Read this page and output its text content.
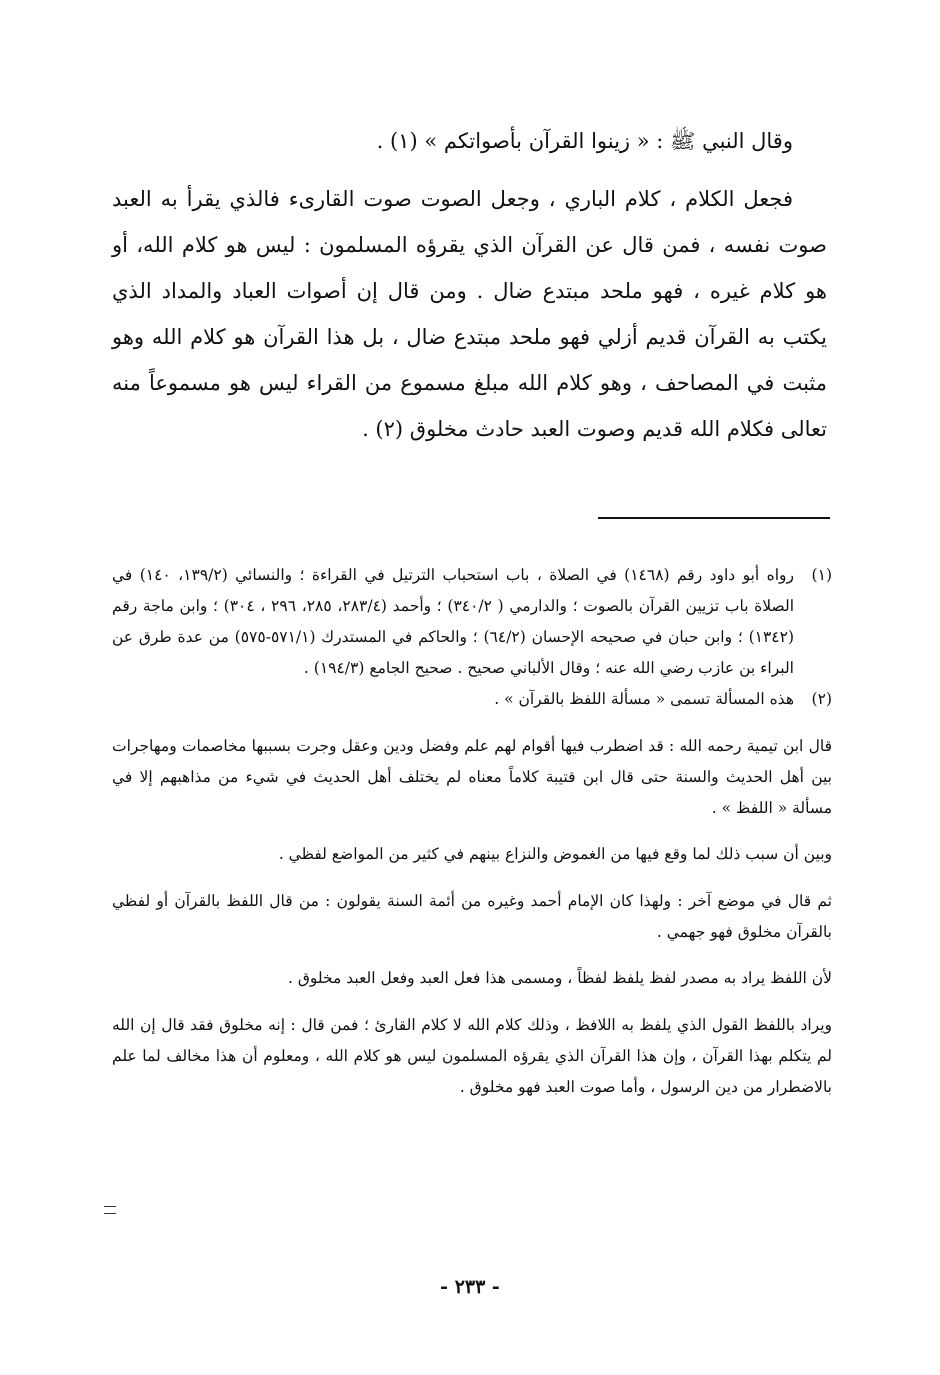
وقال النبي ﷺ : « زينوا القرآن بأصواتكم » (١) .

فجعل الكلام ، كلام الباري ، وجعل الصوت صوت القارىء فالذي يقرأ به العبد صوت نفسه ، فمن قال عن القرآن الذي يقرؤه المسلمون : ليس هو كلام الله، أو هو كلام غيره ، فهو ملحد مبتدع ضال . ومن قال إن أصوات العباد والمداد الذي يكتب به القرآن قديم أزلي فهو ملحد مبتدع ضال ، بل هذا القرآن هو كلام الله وهو مثبت في المصاحف ، وهو كلام الله مبلغ مسموع من القراء ليس هو مسموعاً منه تعالى فكلام الله قديم وصوت العبد حادث مخلوق (٢) .

(١)

رواه أبو داود رقم (١٤٦٨) في الصلاة ، باب استحباب الترتيل في القراءة ؛ والنسائي (١٣٩/٢، ١٤٠) في الصلاة باب تزيين القرآن بالصوت ؛ والدارمي ( ٣٤٠/٢) ؛ وأحمد (٢٨٣/٤، ٢٨٥، ٢٩٦ ، ٣٠٤) ؛ وابن ماجة رقم (١٣٤٢) ؛ وابن حبان في صحيحه الإحسان (٦٤/٢) ؛ والحاكم في المستدرك (٥٧١/١-٥٧٥) من عدة طرق عن البراء بن عازب رضي الله عنه ؛ وقال الألباني صحيح . صحيح الجامع (١٩٤/٣) .

(٢)

هذه المسألة تسمى « مسألة اللفظ بالقرآن » .

قال ابن تيمية رحمه الله : قد اضطرب فيها أقوام لهم علم وفضل ودين وعقل وجرت بسببها مخاصمات ومهاجرات بين أهل الحديث والسنة حتى قال ابن قتيبة كلاماً معناه لم يختلف أهل الحديث في شيء من مذاهبهم إلا في مسألة « اللفظ » .

وبين أن سبب ذلك لما وقع فيها من الغموض والنزاع بينهم في كثير من المواضع لفظي .

ثم قال في موضع آخر : ولهذا كان الإمام أحمد وغيره من أئمة السنة يقولون : من قال اللفظ بالقرآن أو لفظي بالقرآن مخلوق فهو جهمي .

لأن اللفظ يراد به مصدر لفظ يلفظ لفظاً ، ومسمى هذا فعل العبد وفعل العبد مخلوق .

ويراد باللفظ القول الذي يلفظ به اللافظ ، وذلك كلام الله لا كلام القارئ ؛ فمن قال : إنه مخلوق فقد قال إن الله لم يتكلم بهذا القرآن ، وإن هذا القرآن الذي يقرؤه المسلمون ليس هو كلام الله ، ومعلوم أن هذا مخالف لما علم بالاضطرار من دين الرسول ، وأما صوت العبد فهو مخلوق .

- ٢٣٣ -
